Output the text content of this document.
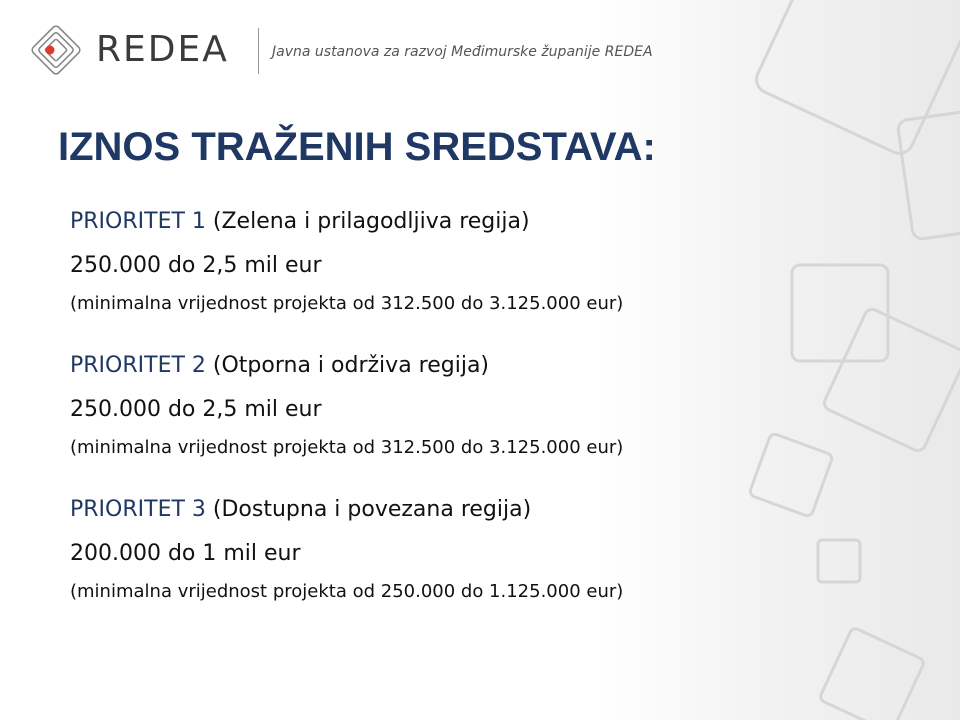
REDEA	Javna ustanova za razvoj Međimurske županije REDEA
IZNOS TRAŽENIH SREDSTAVA:
PRIORITET 1 (Zelena i prilagodljiva regija)
250.000 do 2,5 mil eur
(minimalna vrijednost projekta od 312.500 do 3.125.000 eur)
PRIORITET 2 (Otporna i održiva regija)
250.000 do 2,5 mil eur
(minimalna vrijednost projekta od 312.500 do 3.125.000 eur)
PRIORITET 3 (Dostupna i povezana regija)
200.000 do 1 mil eur
(minimalna vrijednost projekta od 250.000 do 1.125.000 eur)
